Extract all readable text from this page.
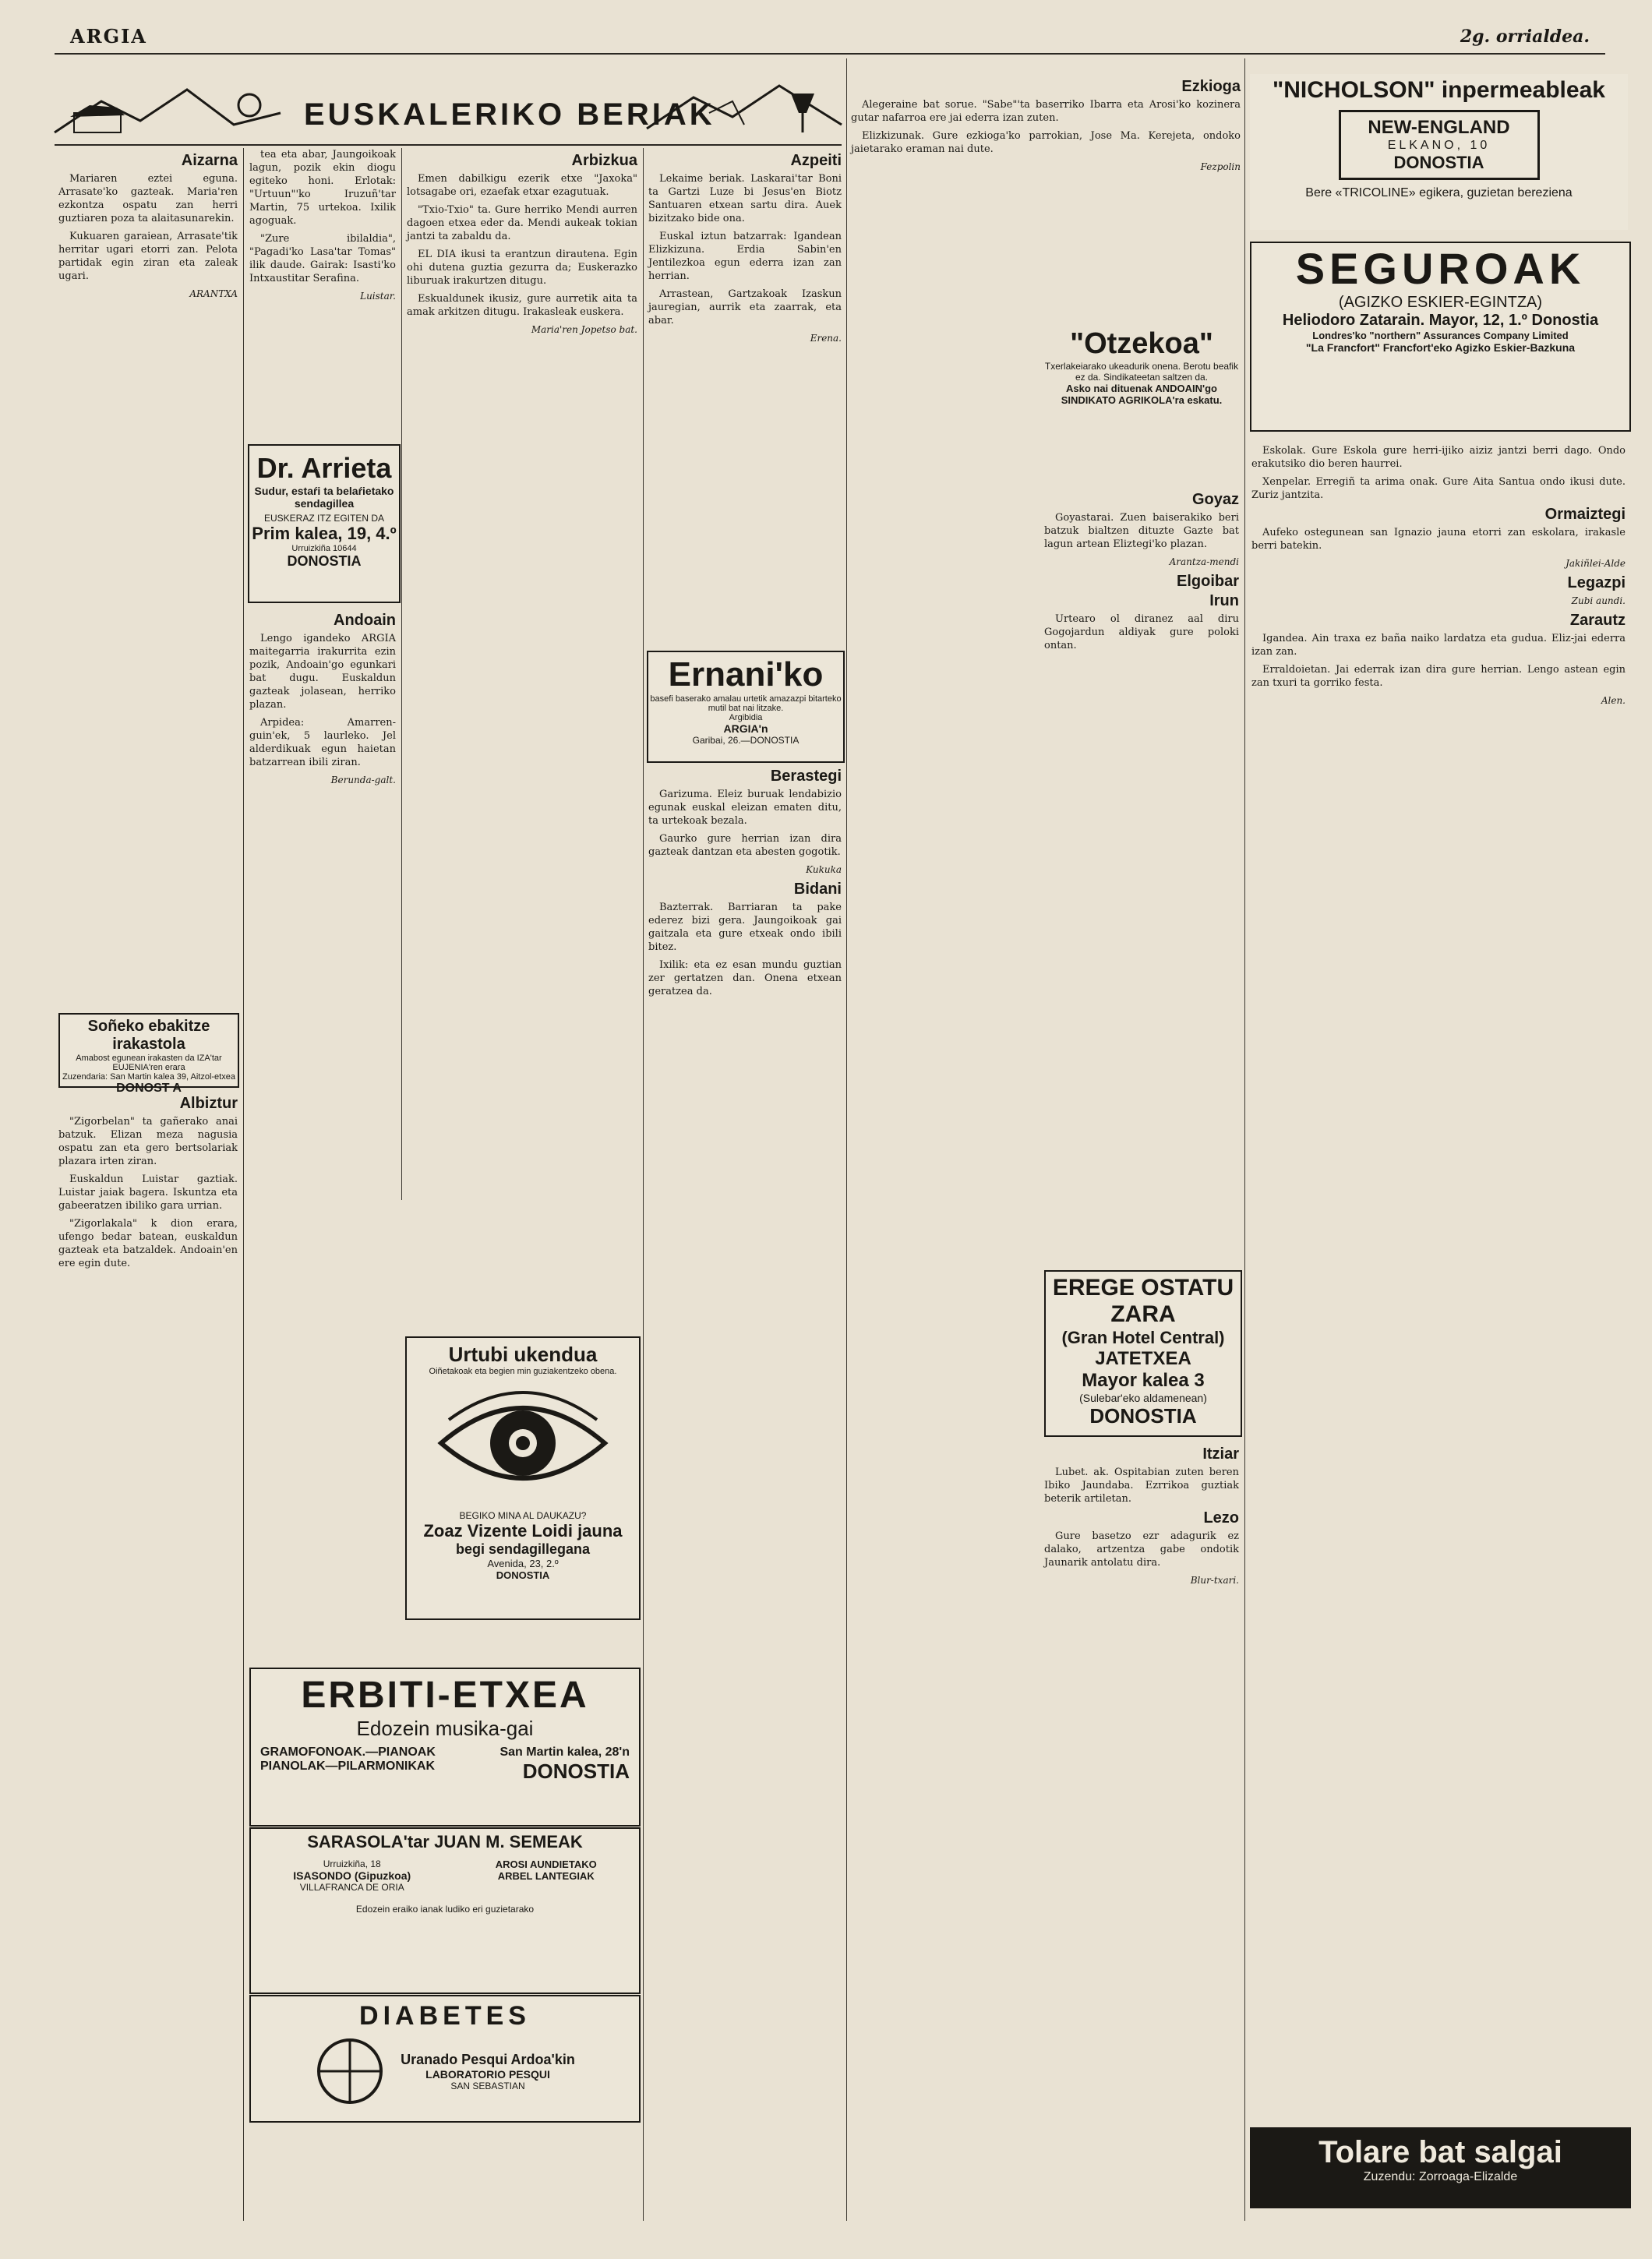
ARGIA	2g. orrialdea.
EUSKALERIKO BERIAK
Aizarna

Mariaren eztei eguna. Arrasate'ko gazteak. Maria'ren ezkontza ospatu zan herri guztiaren poza ta alaitasunarekin.

Kukuaren garaiean, Arrasate'tik herritar ugari etorri zan. Pelota partidak egin ziran eta zaleak ugari.

ARANTXA
Soñeko ebakitze irakastola
Amabost egunean irakasten da IZA'tar EUJENIA'ren erara
Zuzendaria: San Martin kalea 39, Aitzol-etxea
DONOST A
Albiztur

"Zigorbelan" ta gañerako anai batzuk. Elizan meza nagusia ospatu zan eta gero bertsolariak plazara irten ziran.

Euskaldun Luistar gaztiak. Luistar jaiak bagera. Iskuntza eta gabeeratzen ibiliko gara urrian.

"Zigorlakala" k dion erara, ufengo bedar batean, euskaldun gazteak eta batzaldek. Andoain'en ere egin dute.

tea eta abar, Jaungoikoak lagun, pozik ekin diogu egiteko honi. Erlotak: "Urtuun"'ko Iruzuñ'tar Martin, 75 urtekoa. Ixilik agoguak.

"Zure ibilaldia", "Pagadi'ko Lasa'tar Tomas" ilik daude. Gairak: Isasti'ko Intxaustitar Serafina.

Luistar.
Dr. Arrieta
Sudur, estaŕi ta belaŕietako sendagillea
EUSKERAZ ITZ EGITEN DA
Prim kalea, 19, 4.º
Urruizkiña 10644
DONOSTIA
Andoain

Lengo igandeko ARGIA maitegarria irakurrita ezin pozik, Andoain'go egunkari bat dugu. Euskaldun gazteak jolasean, herriko plazan.

Arpidea: Amarren-guin'ek, 5 laurleko. Jel alderdikuak egun haietan batzarrean ibili ziran.

Berunda-galt.
Arbizkua

Emen dabilkigu ezerik etxe "Jaxoka" lotsagabe ori, ezaefak etxar ezagutuak.

"Txio-Txio" ta. Gure herriko Mendi aurren dagoen etxea eder da. Mendi aukeak tokian jantzi ta zabaldu da.

EL DIA ikusi ta erantzun dirautena. Egin ohi dutena guztia gezurra da; Euskerazko liburuak irakurtzen ditugu.

Eskualdunek ikusiz, gure aurretik aita ta amak arkitzen ditugu. Irakasleak euskera.

Maria'ren Jopetso bat.
Urtubi ukendua
Oiñetakoak eta begien min guziakentzeko obena.
BEGIKO MINA AL DAUKAZU?
Zoaz Vizente Loidi jauna
begi sendagillegana
Avenida, 23, 2.º
DONOSTIA
ERBITI-ETXEA
Edozein musika-gai
GRAMOFONOAK.—PIANOAK
PIANOLAK—PILARMONIKAK
San Martin kalea, 28'n
DONOSTIA
SARASOLA'tar JUAN M. SEMEAK
Urruizkiña, 18
ISASONDO (Gipuzkoa)
VILLAFRANCA DE ORIA
AROSI AUNDIETAKO
ARBEL LANTEGIAK
Edozein eraiko ianak ludiko eri guzietarako
DIABETES
Uranado Pesqui Ardoa'kin
LABORATORIO PESQUI
SAN SEBASTIAN
Azpeiti

Lekaime beriak. Laskarai'tar Boni ta Gartzi Luze bi Jesus'en Biotz Santuaren etxean sartu dira. Auek bizitzako bide ona.

Euskal iztun batzarrak: Igandean Elizkizuna. Erdia Sabin'en Jentilezkoa egun ederra izan zan herrian.

Arrastean, Gartzakoak Izaskun jauregian, aurrik eta zaarrak, eta abar.

Erena.
Ernani'ko
basefi baserako amalau urtetik amazazpi bitarteko mutil bat nai litzake.
Argibidia
ARGIA'n
Garibai, 26.—DONOSTIA
Berastegi

Garizuma. Eleiz buruak lendabizio egunak euskal eleizan ematen ditu, ta urtekoak bezala.

Gaurko gure herrian izan dira gazteak dantzan eta abesten gogotik.

Kukuka
Bidani

Bazterrak. Barriaran ta pake ederez bizi gera. Jaungoikoak gai gaitzala eta gure etxeak ondo ibili bitez.

Ixilik: eta ez esan mundu guztian zer gertatzen dan. Onena etxean geratzea da.

Ezkioga

Alegeraine bat sorue. "Sabe"'ta baserriko Ibarra eta Arosi'ko kozinera gutar nafarroa ere jai ederra izan zuten.

Elizkizunak. Gure ezkioga'ko parrokian, Jose Ma. Kerejeta, ondoko jaietarako eraman nai dute.

Fezpolin
"Otzekoa"
Txerlakeiarako ukeadurik onena. Berotu beafik ez da. Sindikateetan saltzen da.
Asko nai dituenak ANDOAIN'go SINDIKATO AGRIKOLA'ra eskatu.
Goyaz

Goyastarai. Zuen baiserakiko beri batzuk bialtzen dituzte Gazte bat lagun artean Eliztegi'ko plazan.

Arantza-mendi
Elgoibar
Irun

Urtearo ol diranez aal diru Gogojardun aldiyak gure poloki ontan.

EREGE OSTATU ZARA
(Gran Hotel Central)
JATETXEA
Mayor kalea 3
(Sulebar'eko aldamenean)
DONOSTIA
Itziar

Lubet. ak. Ospitabian zuten beren Ibiko Jaundaba. Ezrrikoa guztiak beterik artiletan.

Lezo

Gure basetzo ezr adagurik ez dalako, artzentza gabe ondotik Jaunarik antolatu dira.

Blur-txari.
"NICHOLSON" inpermeableak
NEW-ENGLAND
ELKANO, 10
DONOSTIA
Bere «TRICOLINE» egikera, guzietan bereziena
SEGUROAK
(AGIZKO ESKIER-EGINTZA)
Heliodoro Zatarain. Mayor, 12, 1.º Donostia
Londres'ko "northern" Assurances Company Limited
"La Francfort" Francfort'eko Agizko Eskier-Bazkuna

Eskolak. Gure Eskola gure herri-ijiko aiziz jantzi berri dago. Ondo erakutsiko dio beren haurrei.

Xenpelar. Erregiñ ta arima onak. Gure Aita Santua ondo ikusi dute. Zuriz jantzita.

Ormaiztegi

Aufeko ostegunean san Ignazio jauna etorri zan eskolara, irakasle berri batekin.

Jakiñlei-Alde
Legazpi
Zubi aundi.
Zarautz

Igandea. Ain traxa ez baña naiko lardatza eta gudua. Eliz-jai ederra izan zan.

Erraldoietan. Jai ederrak izan dira gure herrian. Lengo astean egin zan txuri ta gorriko festa.

Alen.
Tolare bat salgai
Zuzendu: Zorroaga-Elizalde
